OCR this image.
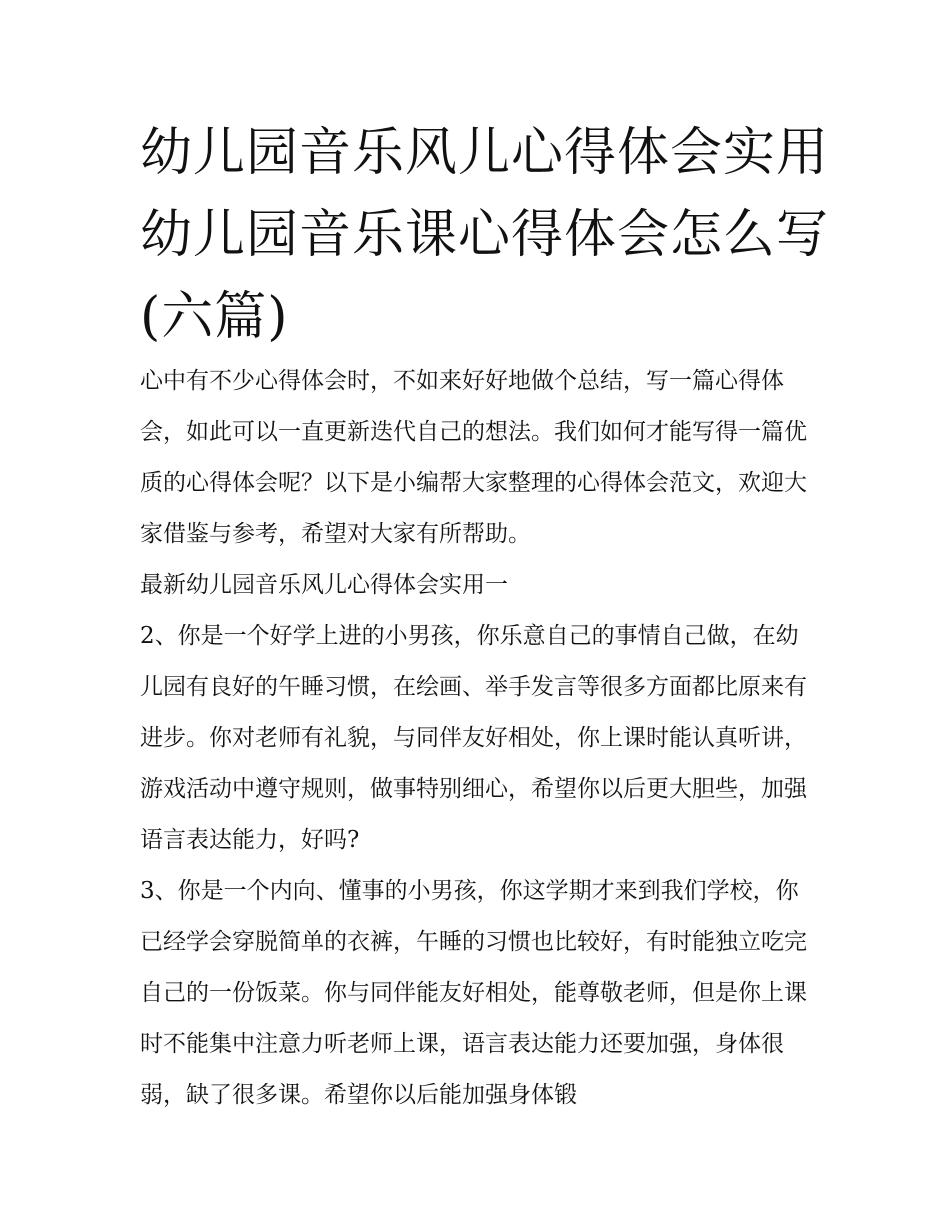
幼儿园音乐风儿心得体会实用
幼儿园音乐课心得体会怎么写
(六篇)

心中有不少心得体会时，不如来好好地做个总结，写一篇心得体会，如此可以一直更新迭代自己的想法。我们如何才能写得一篇优质的心得体会呢？以下是小编帮大家整理的心得体会范文，欢迎大家借鉴与参考，希望对大家有所帮助。

最新幼儿园音乐风儿心得体会实用一

2、你是一个好学上进的小男孩，你乐意自己的事情自己做，在幼儿园有良好的午睡习惯，在绘画、举手发言等很多方面都比原来有进步。你对老师有礼貌，与同伴友好相处，你上课时能认真听讲，游戏活动中遵守规则，做事特别细心，希望你以后更大胆些，加强语言表达能力，好吗?

3、你是一个内向、懂事的小男孩，你这学期才来到我们学校，你已经学会穿脱简单的衣裤，午睡的习惯也比较好，有时能独立吃完自己的一份饭菜。你与同伴能友好相处，能尊敬老师，但是你上课时不能集中注意力听老师上课，语言表达能力还要加强，身体很弱，缺了很多课。希望你以后能加强身体锻
